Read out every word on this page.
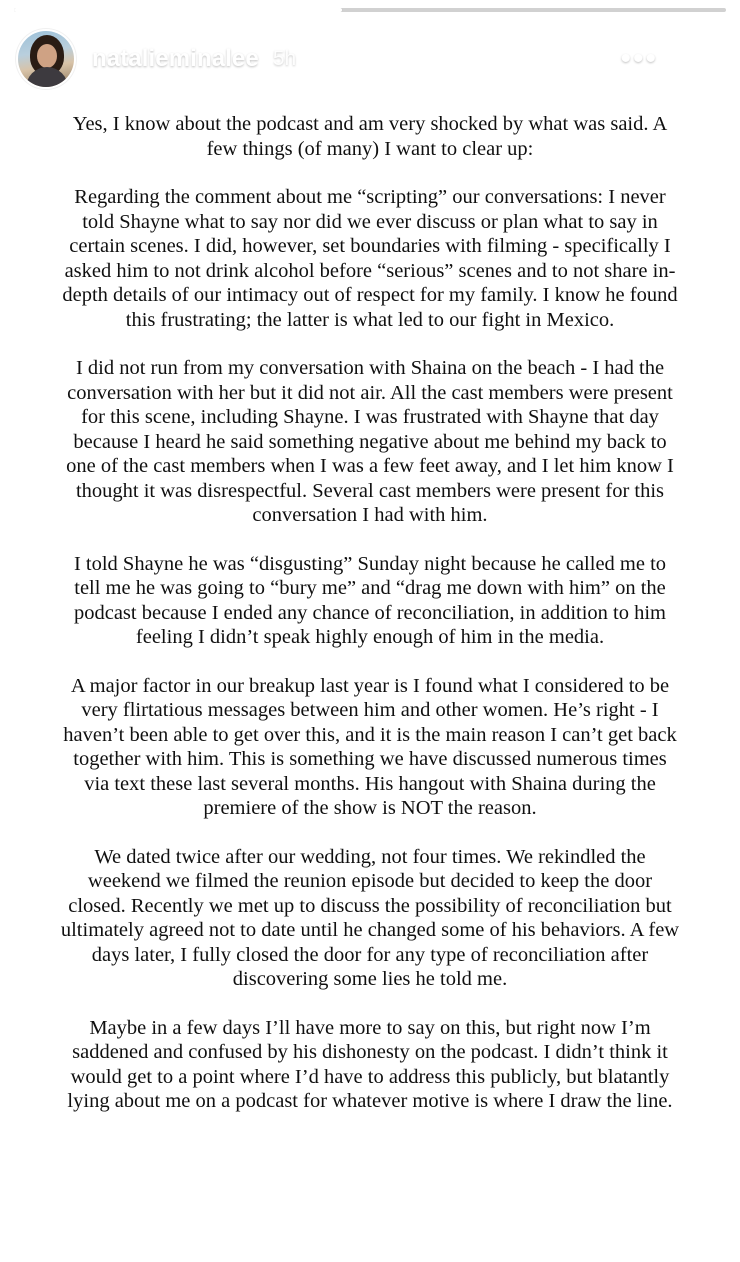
natalieminalee 5h	•••

Yes, I know about the podcast and am very shocked by what was said. A few things (of many) I want to clear up:

Regarding the comment about me “scripting” our conversations: I never told Shayne what to say nor did we ever discuss or plan what to say in certain scenes. I did, however, set boundaries with filming - specifically I asked him to not drink alcohol before “serious” scenes and to not share in-depth details of our intimacy out of respect for my family. I know he found this frustrating; the latter is what led to our fight in Mexico.

I did not run from my conversation with Shaina on the beach - I had the conversation with her but it did not air. All the cast members were present for this scene, including Shayne. I was frustrated with Shayne that day because I heard he said something negative about me behind my back to one of the cast members when I was a few feet away, and I let him know I thought it was disrespectful. Several cast members were present for this conversation I had with him.

I told Shayne he was “disgusting” Sunday night because he called me to tell me he was going to “bury me” and “drag me down with him” on the podcast because I ended any chance of reconciliation, in addition to him feeling I didn’t speak highly enough of him in the media.

A major factor in our breakup last year is I found what I considered to be very flirtatious messages between him and other women. He’s right - I haven’t been able to get over this, and it is the main reason I can’t get back together with him. This is something we have discussed numerous times via text these last several months. His hangout with Shaina during the premiere of the show is NOT the reason.

We dated twice after our wedding, not four times. We rekindled the weekend we filmed the reunion episode but decided to keep the door closed. Recently we met up to discuss the possibility of reconciliation but ultimately agreed not to date until he changed some of his behaviors. A few days later, I fully closed the door for any type of reconciliation after discovering some lies he told me.

Maybe in a few days I’ll have more to say on this, but right now I’m saddened and confused by his dishonesty on the podcast. I didn’t think it would get to a point where I’d have to address this publicly, but blatantly lying about me on a podcast for whatever motive is where I draw the line.
